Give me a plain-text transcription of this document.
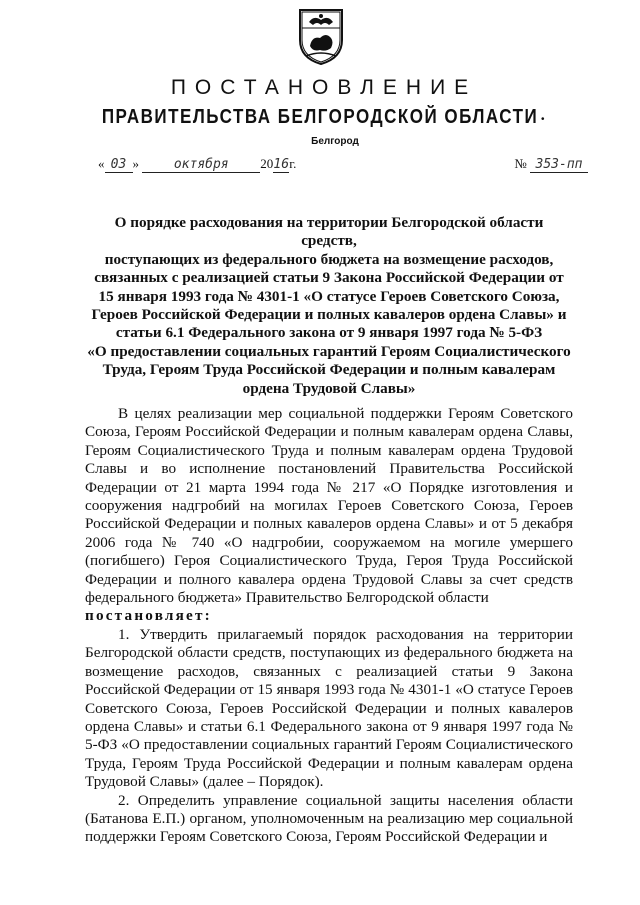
ПОСТАНОВЛЕНИЕ
ПРАВИТЕЛЬСТВА БЕЛГОРОДСКОЙ ОБЛАСТИ
Белгород
•
« 03 »	октября 2016г.	№ 353-пп
О порядке расходования на территории Белгородской области средств,
поступающих из федерального бюджета на возмещение расходов,
связанных с реализацией статьи 9 Закона Российской Федерации от
15 января 1993 года № 4301-1 «О статусе Героев Советского Союза,
Героев Российской Федерации и полных кавалеров ордена Славы» и
статьи 6.1 Федерального закона от 9 января 1997 года № 5-ФЗ
«О предоставлении социальных гарантий Героям Социалистического
Труда, Героям Труда Российской Федерации и полным кавалерам
ордена Трудовой Славы»

В целях реализации мер социальной поддержки Героям Советского Союза, Героям Российской Федерации и полным кавалерам ордена Славы, Героям Социалистического Труда и полным кавалерам ордена Трудовой Славы и во исполнение постановлений Правительства Российской Федерации от 21 марта 1994 года № 217 «О Порядке изготовления и сооружения надгробий на могилах Героев Советского Союза, Героев Российской Федерации и полных кавалеров ордена Славы» и от 5 декабря 2006 года № 740 «О надгробии, сооружаемом на могиле умершего (погибшего) Героя Социалистического Труда, Героя Труда Российской Федерации и полного кавалера ордена Трудовой Славы за счет средств федерального бюджета» Правительство Белгородской области

постановляет:

1. Утвердить прилагаемый порядок расходования на территории Белгородской области средств, поступающих из федерального бюджета на возмещение расходов, связанных с реализацией статьи 9 Закона Российской Федерации от 15 января 1993 года № 4301-1 «О статусе Героев Советского Союза, Героев Российской Федерации и полных кавалеров ордена Славы» и статьи 6.1 Федерального закона от 9 января 1997 года № 5-ФЗ «О предоставлении социальных гарантий Героям Социалистического Труда, Героям Труда Российской Федерации и полным кавалерам ордена Трудовой Славы» (далее – Порядок).

2. Определить управление социальной защиты населения области (Батанова Е.П.) органом, уполномоченным на реализацию мер социальной поддержки Героям Советского Союза, Героям Российской Федерации и
